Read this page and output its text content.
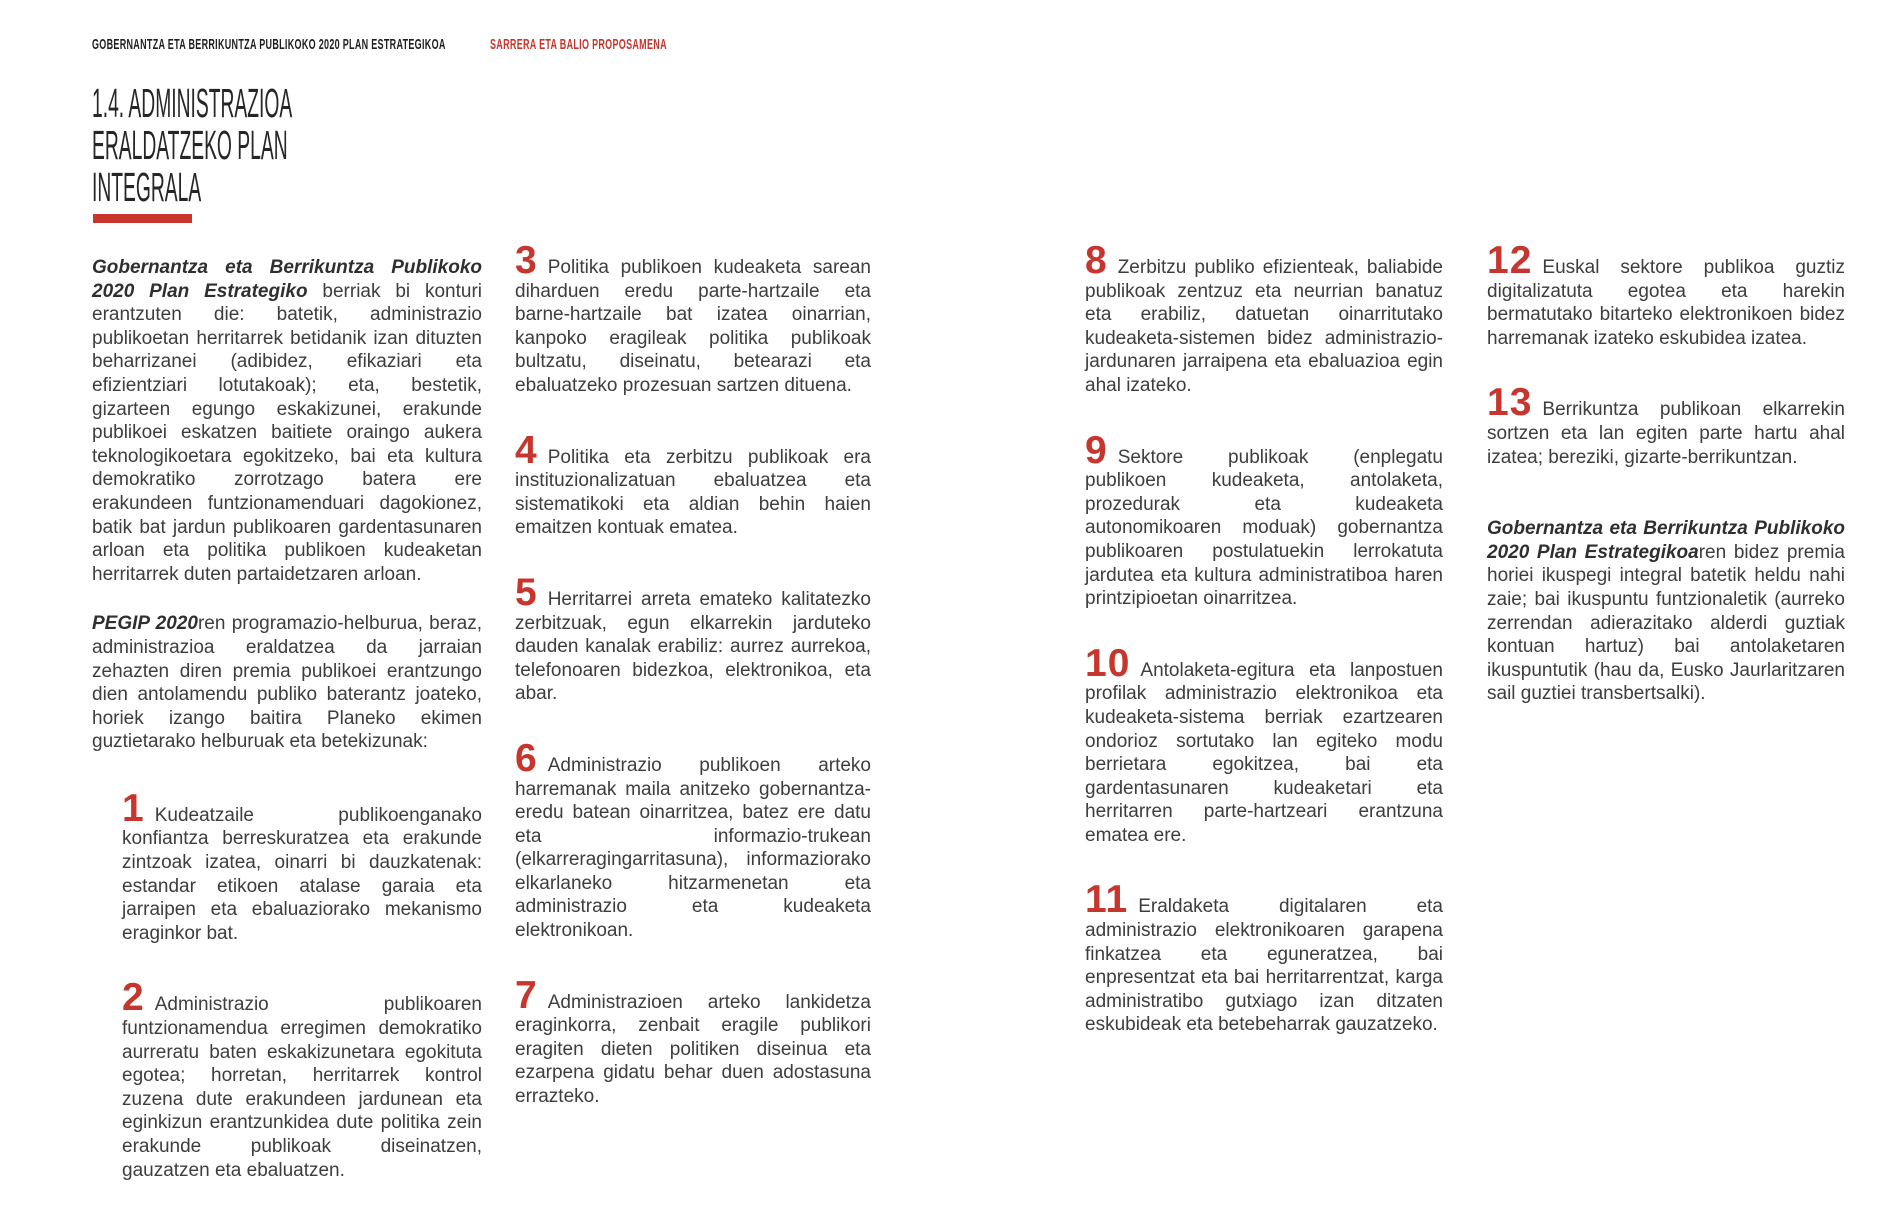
GOBERNANTZA ETA BERRIKUNTZA PUBLIKOKO 2020 PLAN ESTRATEGIKOA	SARRERA ETA BALIO PROPOSAMENA
1.4. ADMINISTRAZIOA
ERALDATZEKO PLAN
INTEGRALA

Gobernantza eta Berrikuntza Publikoko 2020 Plan Estrategiko berriak bi konturi erantzuten die: batetik, administrazio publikoetan herritarrek betidanik izan dituzten beharrizanei (adibidez, efikaziari eta efizientziari lotutakoak); eta, bestetik, gizarteen egungo eskakizunei, erakunde publikoei eskatzen baitiete oraingo aukera teknologikoetara egokitzeko, bai eta kultura demokratiko zorrotzago batera ere erakundeen funtzionamenduari dagokionez, batik bat jardun publikoaren gardentasunaren arloan eta politika publikoen kudeaketan herritarrek duten partaidetzaren arloan.

PEGIP 2020ren programazio-helburua, beraz, administrazioa eraldatzea da jarraian zehazten diren premia publikoei erantzungo dien antolamendu publiko baterantz joateko, horiek izango baitira Planeko ekimen guztietarako helburuak eta betekizunak:

1 Kudeatzaile publikoenganako konfiantza berreskuratzea eta erakunde zintzoak izatea, oinarri bi dauzkatenak: estandar etikoen atalase garaia eta jarraipen eta ebaluaziorako mekanismo eraginkor bat.
2 Administrazio publikoaren funtzionamendua erregimen demokratiko aurreratu baten eskakizunetara egokituta egotea; horretan, herritarrek kontrol zuzena dute erakundeen jardunean eta eginkizun erantzunkidea dute politika zein erakunde publikoak diseinatzen, gauzatzen eta ebaluatzen.
3 Politika publikoen kudeaketa sarean diharduen eredu parte-hartzaile eta barne-hartzaile bat izatea oinarrian, kanpoko eragileak politika publikoak bultzatu, diseinatu, betearazi eta ebaluatzeko prozesuan sartzen dituena.
4 Politika eta zerbitzu publikoak era instituzionalizatuan ebaluatzea eta sistematikoki eta aldian behin haien emaitzen kontuak ematea.
5 Herritarrei arreta emateko kalitatezko zerbitzuak, egun elkarrekin jarduteko dauden kanalak erabiliz: aurrez aurrekoa, telefonoaren bidezkoa, elektronikoa, eta abar.
6 Administrazio publikoen arteko harremanak maila anitzeko gobernantza-eredu batean oinarritzea, batez ere datu eta informazio-trukean (elkarreragingarritasuna), informaziorako elkarlaneko hitzarmenetan eta administrazio eta kudeaketa elektronikoan.
7 Administrazioen arteko lankidetza eraginkorra, zenbait eragile publikori eragiten dieten politiken diseinua eta ezarpena gidatu behar duen adostasuna errazteko.
8 Zerbitzu publiko efizienteak, baliabide publikoak zentzuz eta neurrian banatuz eta erabiliz, datuetan oinarritutako kudeaketa-sistemen bidez administrazio-jardunaren jarraipena eta ebaluazioa egin ahal izateko.
9 Sektore publikoak (enplegatu publikoen kudeaketa, antolaketa, prozedurak eta kudeaketa autonomikoaren moduak) gobernantza publikoaren postulatuekin lerrokatuta jardutea eta kultura administratiboa haren printzipioetan oinarritzea.
10 Antolaketa-egitura eta lanpostuen profilak administrazio elektronikoa eta kudeaketa-sistema berriak ezartzearen ondorioz sortutako lan egiteko modu berrietara egokitzea, bai eta gardentasunaren kudeaketari eta herritarren parte-hartzeari erantzuna ematea ere.
11 Eraldaketa digitalaren eta administrazio elektronikoaren garapena finkatzea eta eguneratzea, bai enpresentzat eta bai herritarrentzat, karga administratibo gutxiago izan ditzaten eskubideak eta betebeharrak gauzatzeko.
12 Euskal sektore publikoa guztiz digitalizatuta egotea eta harekin bermatutako bitarteko elektronikoen bidez harremanak izateko eskubidea izatea.
13 Berrikuntza publikoan elkarrekin sortzen eta lan egiten parte hartu ahal izatea; bereziki, gizarte-berrikuntzan.

Gobernantza eta Berrikuntza Publikoko 2020 Plan Estrategikoaren bidez premia horiei ikuspegi integral batetik heldu nahi zaie; bai ikuspuntu funtzionaletik (aurreko zerrendan adierazitako alderdi guztiak kontuan hartuz) bai antolaketaren ikuspuntutik (hau da, Eusko Jaurlaritzaren sail guztiei transbertsalki).
